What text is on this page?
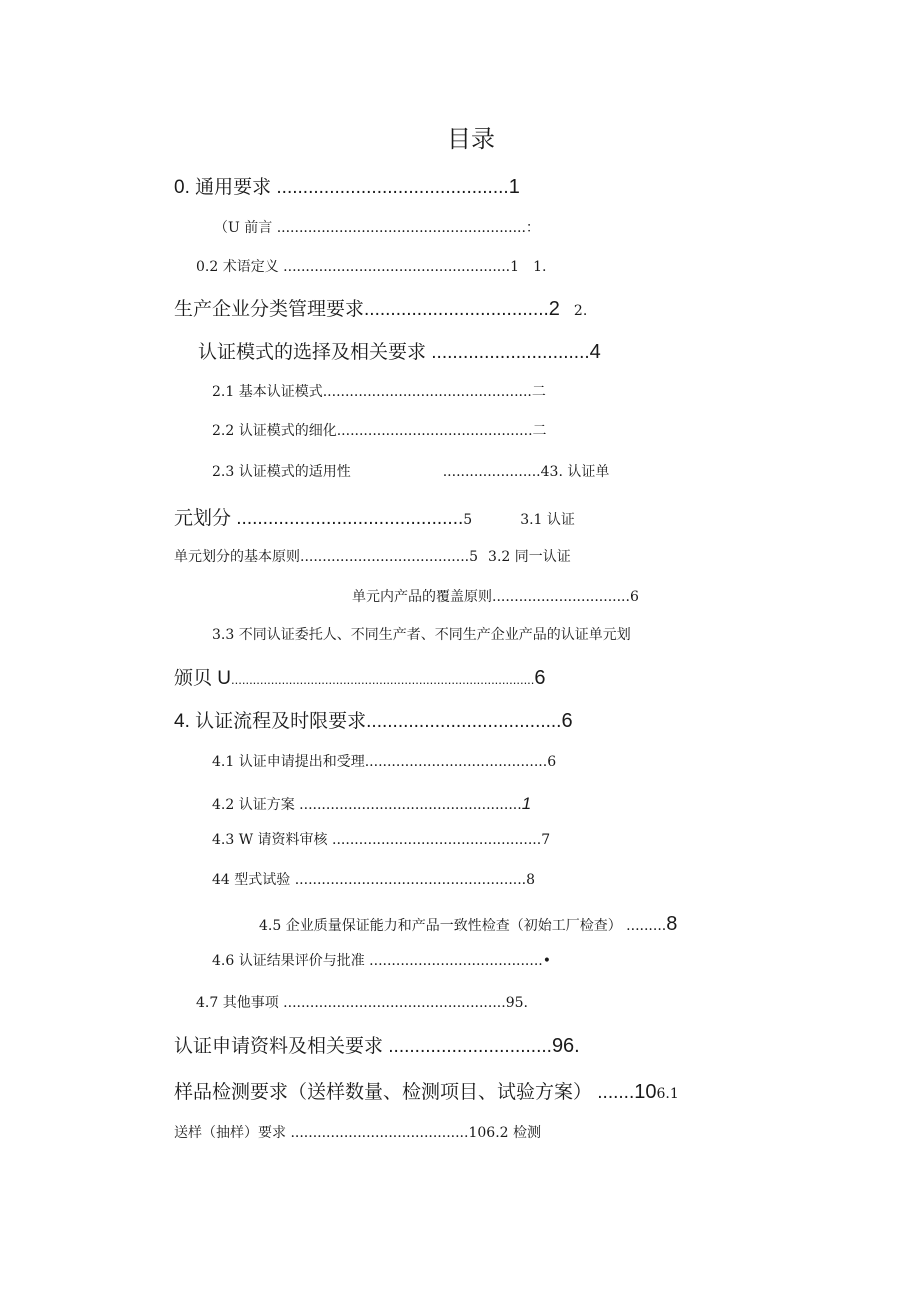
目录
0. 通用要求 ............................................1
（U 前言 ........................................................：
0.2 术语定义 ...................................................1 1.
生产企业分类管理要求...................................2 2.
认证模式的选择及相关要求 ..............................4
2.1 基本认证模式...............................................二
2.2 认证模式的细化............................................二
2.3 认证模式的适用性	......................43. 认证单
元划分 ...........................................5	3.1 认证
单元划分的基本原则......................................5 3.2 同一认证
单元内产品的覆盖原则...............................6
3.3 不同认证委托人、不同生产者、不同生产企业产品的认证单元划
颁贝 U....................................................................................6
4. 认证流程及时限要求.....................................6
4.1 认证申请提出和受理.........................................6
4.2 认证方案 ..................................................1
4.3 W 请资料审核 ...............................................7
44 型式试验 ....................................................8
4.5 企业质量保证能力和产品一致性检查（初始工厂检查） .........8
4.6 认证结果评价与批准 .......................................•
4.7 其他事项 ..................................................95.
认证申请资料及相关要求 ...............................96.
样品检测要求（送样数量、检测项目、试验方案） .......106.1
送样（抽样）要求 ........................................106.2 检测
